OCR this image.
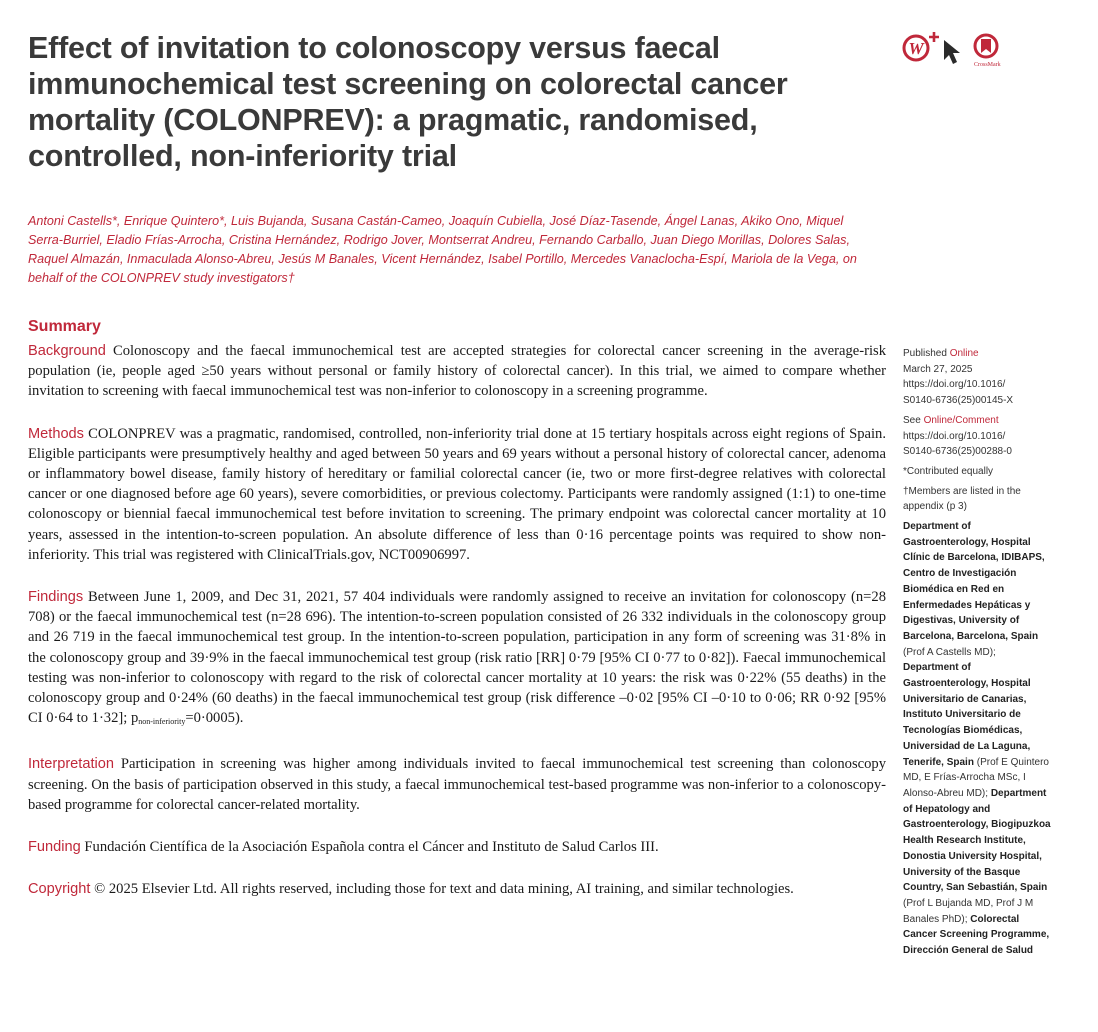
Effect of invitation to colonoscopy versus faecal immunochemical test screening on colorectal cancer mortality (COLONPREV): a pragmatic, randomised, controlled, non-inferiority trial
W
CrossMark

Antoni Castells*, Enrique Quintero*, Luis Bujanda, Susana Castán-Cameo, Joaquín Cubiella, José Díaz-Tasende, Ángel Lanas, Akiko Ono, Miquel Serra-Burriel, Eladio Frías-Arrocha, Cristina Hernández, Rodrigo Jover, Montserrat Andreu, Fernando Carballo, Juan Diego Morillas, Dolores Salas, Raquel Almazán, Inmaculada Alonso-Abreu, Jesús M Banales, Vicent Hernández, Isabel Portillo, Mercedes Vanaclocha-Espí, Mariola de la Vega, on behalf of the COLONPREV study investigators†

Summary

Background Colonoscopy and the faecal immunochemical test are accepted strategies for colorectal cancer screening in the average-risk population (ie, people aged ≥50 years without personal or family history of colorectal cancer). In this trial, we aimed to compare whether invitation to screening with faecal immunochemical test was non-inferior to colonoscopy in a screening programme.

Methods COLONPREV was a pragmatic, randomised, controlled, non-inferiority trial done at 15 tertiary hospitals across eight regions of Spain. Eligible participants were presumptively healthy and aged between 50 years and 69 years without a personal history of colorectal cancer, adenoma or inflammatory bowel disease, family history of hereditary or familial colorectal cancer (ie, two or more first-degree relatives with colorectal cancer or one diagnosed before age 60 years), severe comorbidities, or previous colectomy. Participants were randomly assigned (1:1) to one-time colonoscopy or biennial faecal immunochemical test before invitation to screening. The primary endpoint was colorectal cancer mortality at 10 years, assessed in the intention-to-screen population. An absolute difference of less than 0·16 percentage points was required to show non-inferiority. This trial was registered with ClinicalTrials.gov, NCT00906997.

Findings Between June 1, 2009, and Dec 31, 2021, 57 404 individuals were randomly assigned to receive an invitation for colonoscopy (n=28 708) or the faecal immunochemical test (n=28 696). The intention-to-screen population consisted of 26 332 individuals in the colonoscopy group and 26 719 in the faecal immunochemical test group. In the intention-to-screen population, participation in any form of screening was 31·8% in the colonoscopy group and 39·9% in the faecal immunochemical test group (risk ratio [RR] 0·79 [95% CI 0·77 to 0·82]). Faecal immunochemical testing was non-inferior to colonoscopy with regard to the risk of colorectal cancer mortality at 10 years: the risk was 0·22% (55 deaths) in the colonoscopy group and 0·24% (60 deaths) in the faecal immunochemical test group (risk difference –0·02 [95% CI –0·10 to 0·06; RR 0·92 [95% CI 0·64 to 1·32]; $p_{non-inferiority}=0\cdot 0005$).

Interpretation Participation in screening was higher among individuals invited to faecal immunochemical test screening than colonoscopy screening. On the basis of participation observed in this study, a faecal immunochemical test-based programme was non-inferior to a colonoscopy-based programme for colorectal cancer-related mortality.

Funding Fundación Científica de la Asociación Española contra el Cáncer and Instituto de Salud Carlos III.

Copyright © 2025 Elsevier Ltd. All rights reserved, including those for text and data mining, AI training, and similar technologies.

Published Online
March 27, 2025
https://doi.org/10.1016/
S0140-6736(25)00145-X

See Online/Comment
https://doi.org/10.1016/
S0140-6736(25)00288-0

*Contributed equally

†Members are listed in the appendix (p 3)

Department of Gastroenterology, Hospital Clínic de Barcelona, IDIBAPS, Centro de Investigación Biomédica en Red en Enfermedades Hepáticas y Digestivas, University of Barcelona, Barcelona, Spain (Prof A Castells MD); Department of Gastroenterology, Hospital Universitario de Canarias, Instituto Universitario de Tecnologías Biomédicas, Universidad de La Laguna, Tenerife, Spain (Prof E Quintero MD, E Frías-Arrocha MSc, I Alonso-Abreu MD); Department of Hepatology and Gastroenterology, Biogipuzkoa Health Research Institute, Donostia University Hospital, University of the Basque Country, San Sebastián, Spain (Prof L Bujanda MD, Prof J M Banales PhD); Colorectal Cancer Screening Programme, Dirección General de Salud
